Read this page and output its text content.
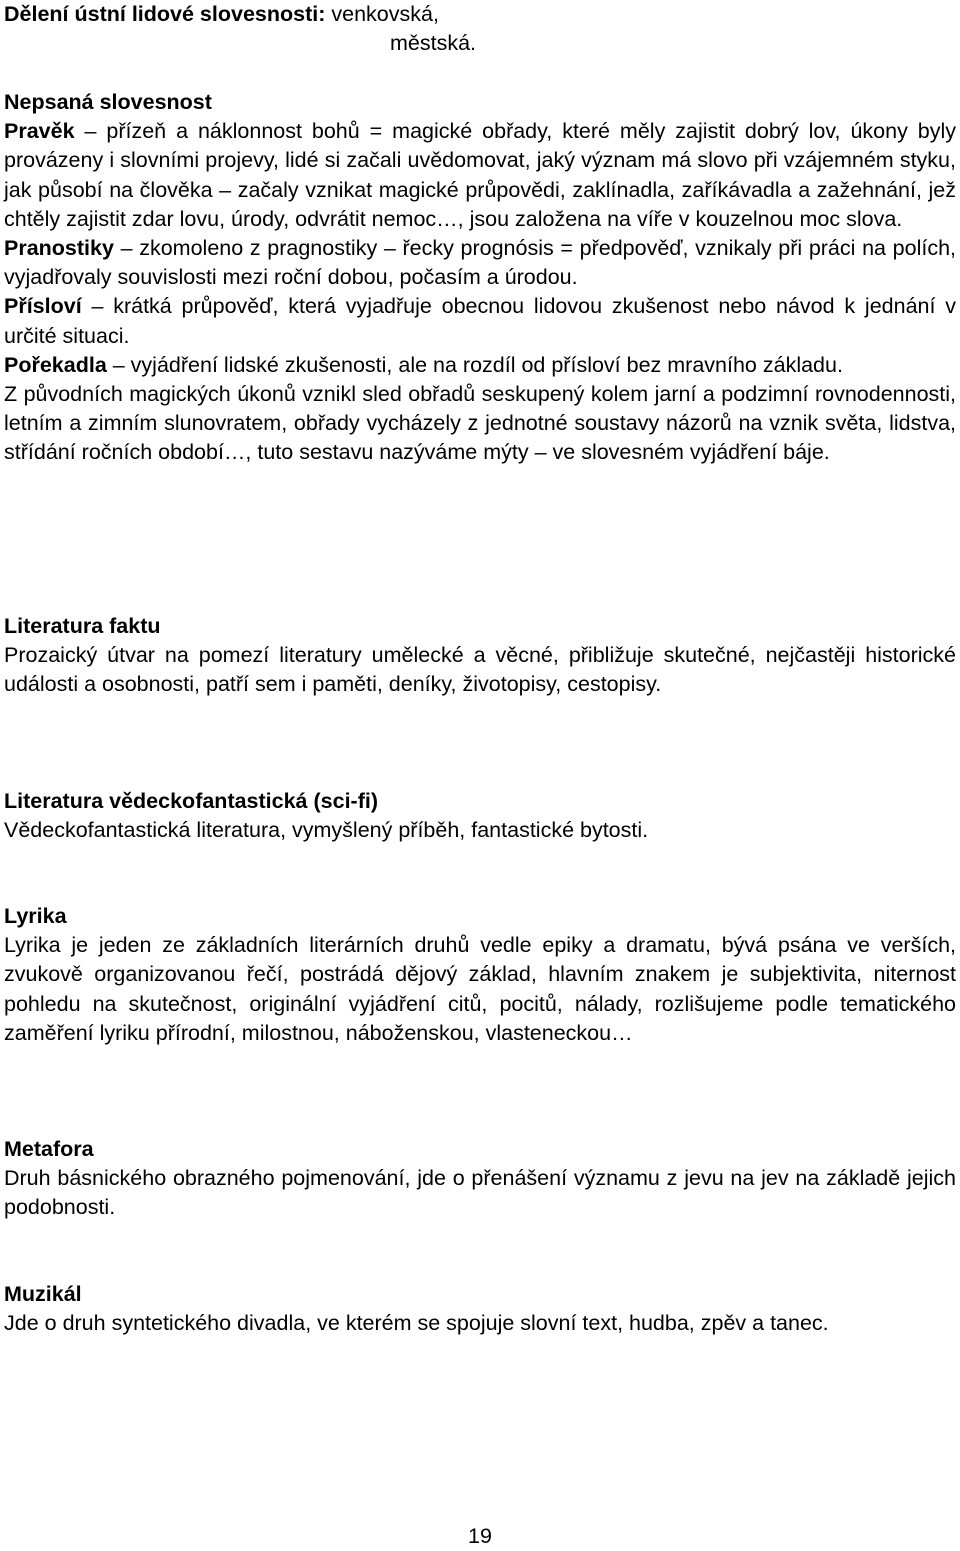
Dělení ústní lidové slovesnosti: venkovská,

městská.

Nepsaná slovesnost

Pravěk – přízeň a náklonnost bohů = magické obřady, které měly zajistit dobrý lov, úkony byly provázeny i slovními projevy, lidé si začali uvědomovat, jaký význam má slovo při vzájemném styku, jak působí na člověka – začaly vznikat magické průpovědi, zaklínadla, zaříkávadla a zažehnání, jež chtěly zajistit zdar lovu, úrody, odvrátit nemoc…, jsou založena na víře v kouzelnou moc slova.

Pranostiky – zkomoleno z pragnostiky – řecky prognósis = předpověď, vznikaly při práci na polích, vyjadřovaly souvislosti mezi roční dobou, počasím a úrodou.

Přísloví – krátká průpověď, která vyjadřuje obecnou lidovou zkušenost nebo návod k jednání v určité situaci.

Pořekadla – vyjádření lidské zkušenosti, ale na rozdíl od přísloví bez mravního základu.

Z původních magických úkonů vznikl sled obřadů seskupený kolem jarní a podzimní rovnodennosti, letním a zimním slunovratem, obřady vycházely z jednotné soustavy názorů na vznik světa, lidstva, střídání ročních období…, tuto sestavu nazýváme mýty – ve slovesném vyjádření báje.

Literatura faktu

Prozaický útvar na pomezí literatury umělecké a věcné, přibližuje skutečné, nejčastěji historické události a osobnosti, patří sem i paměti, deníky, životopisy, cestopisy.

Literatura vědeckofantastická (sci-fi)

Vědeckofantastická literatura, vymyšlený příběh, fantastické bytosti.

Lyrika

Lyrika je jeden ze základních literárních druhů vedle epiky a dramatu, bývá psána ve verších, zvukově organizovanou řečí, postrádá dějový základ, hlavním znakem je subjektivita, niternost pohledu na skutečnost, originální vyjádření citů, pocitů, nálady, rozlišujeme podle tematického zaměření lyriku přírodní, milostnou, náboženskou, vlasteneckou…

Metafora

Druh básnického obrazného pojmenování, jde o přenášení významu z jevu na jev na základě jejich podobnosti.

Muzikál

Jde o druh syntetického divadla, ve kterém se spojuje slovní text, hudba, zpěv a tanec.

19
